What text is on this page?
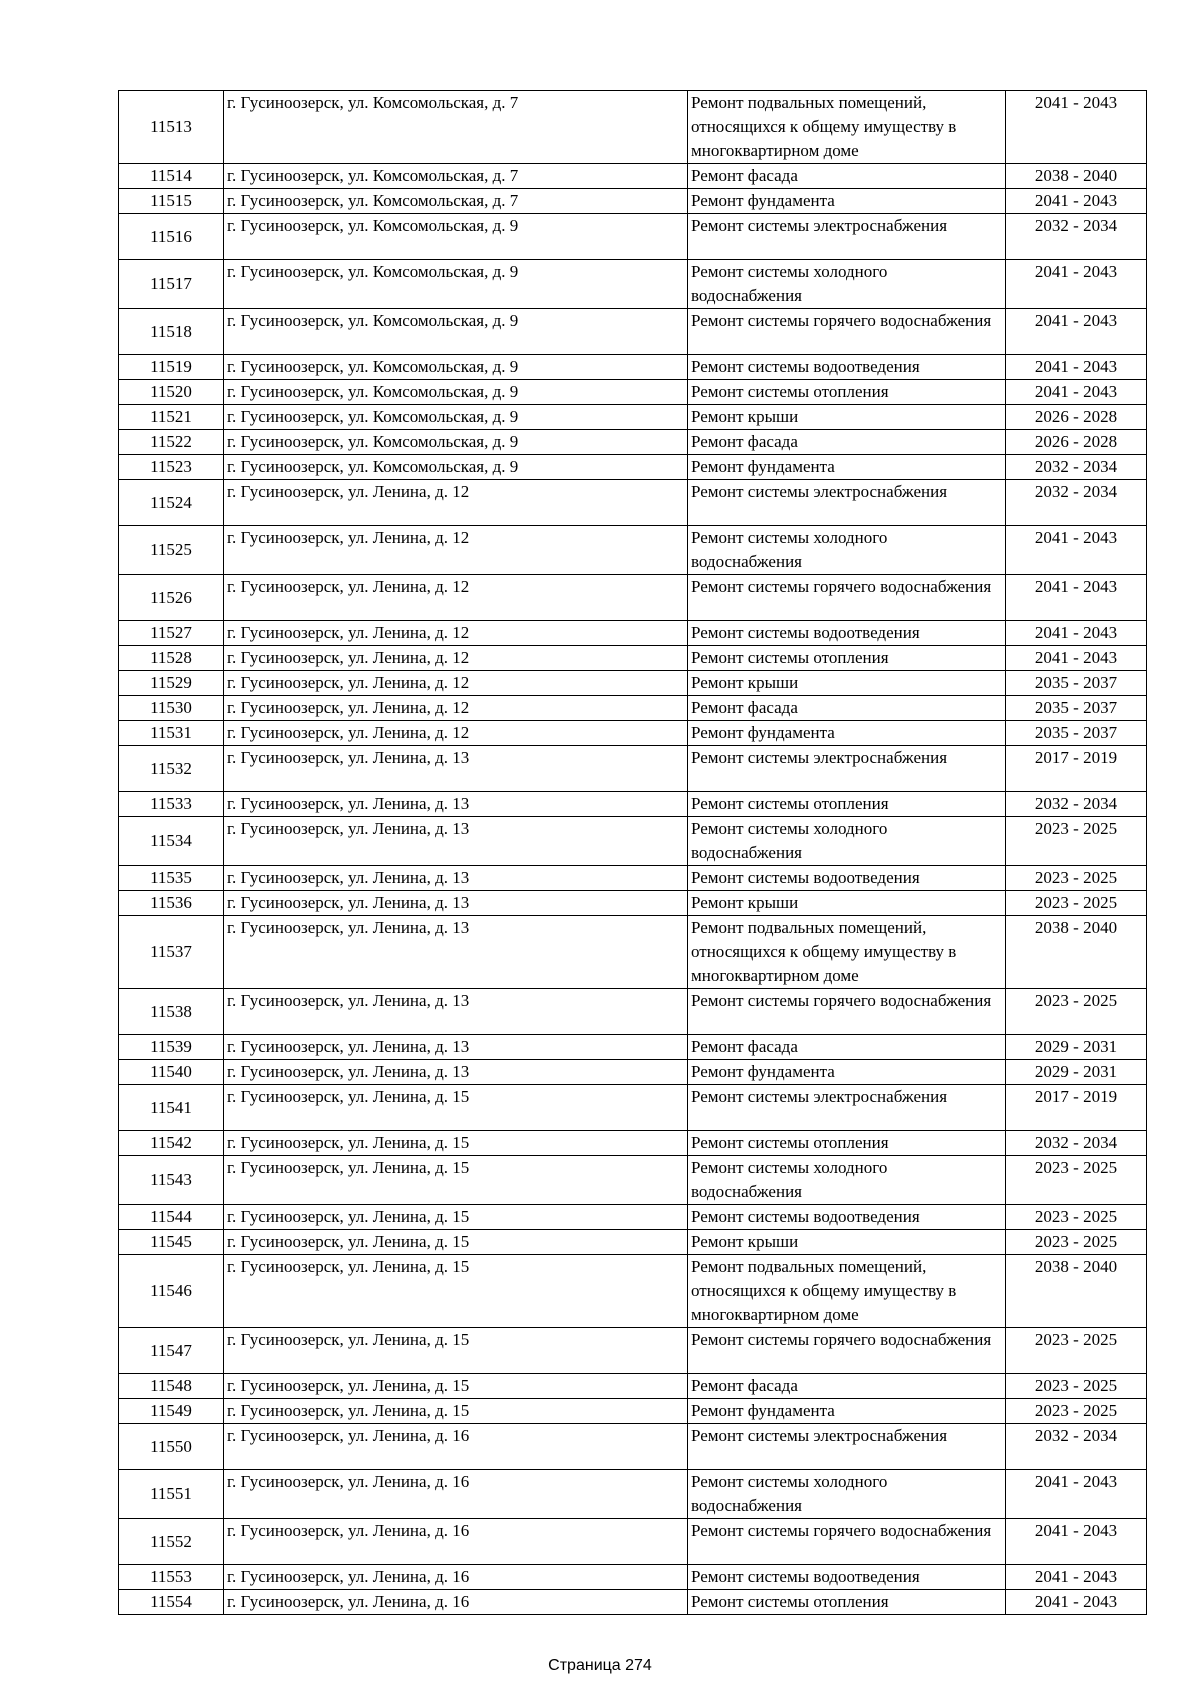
11513	г. Гусиноозерск, ул. Комсомольская, д. 7	Ремонт подвальных помещений, относящихся к общему имуществу в многоквартирном доме	2041 - 2043
11514	г. Гусиноозерск, ул. Комсомольская, д. 7	Ремонт фасада	2038 - 2040
11515	г. Гусиноозерск, ул. Комсомольская, д. 7	Ремонт фундамента	2041 - 2043
11516	г. Гусиноозерск, ул. Комсомольская, д. 9	Ремонт системы электроснабжения	2032 - 2034
11517	г. Гусиноозерск, ул. Комсомольская, д. 9	Ремонт системы холодного водоснабжения	2041 - 2043
11518	г. Гусиноозерск, ул. Комсомольская, д. 9	Ремонт системы горячего водоснабжения	2041 - 2043
11519	г. Гусиноозерск, ул. Комсомольская, д. 9	Ремонт системы водоотведения	2041 - 2043
11520	г. Гусиноозерск, ул. Комсомольская, д. 9	Ремонт системы отопления	2041 - 2043
11521	г. Гусиноозерск, ул. Комсомольская, д. 9	Ремонт крыши	2026 - 2028
11522	г. Гусиноозерск, ул. Комсомольская, д. 9	Ремонт фасада	2026 - 2028
11523	г. Гусиноозерск, ул. Комсомольская, д. 9	Ремонт фундамента	2032 - 2034
11524	г. Гусиноозерск, ул. Ленина, д. 12	Ремонт системы электроснабжения	2032 - 2034
11525	г. Гусиноозерск, ул. Ленина, д. 12	Ремонт системы холодного водоснабжения	2041 - 2043
11526	г. Гусиноозерск, ул. Ленина, д. 12	Ремонт системы горячего водоснабжения	2041 - 2043
11527	г. Гусиноозерск, ул. Ленина, д. 12	Ремонт системы водоотведения	2041 - 2043
11528	г. Гусиноозерск, ул. Ленина, д. 12	Ремонт системы отопления	2041 - 2043
11529	г. Гусиноозерск, ул. Ленина, д. 12	Ремонт крыши	2035 - 2037
11530	г. Гусиноозерск, ул. Ленина, д. 12	Ремонт фасада	2035 - 2037
11531	г. Гусиноозерск, ул. Ленина, д. 12	Ремонт фундамента	2035 - 2037
11532	г. Гусиноозерск, ул. Ленина, д. 13	Ремонт системы электроснабжения	2017 - 2019
11533	г. Гусиноозерск, ул. Ленина, д. 13	Ремонт системы отопления	2032 - 2034
11534	г. Гусиноозерск, ул. Ленина, д. 13	Ремонт системы холодного водоснабжения	2023 - 2025
11535	г. Гусиноозерск, ул. Ленина, д. 13	Ремонт системы водоотведения	2023 - 2025
11536	г. Гусиноозерск, ул. Ленина, д. 13	Ремонт крыши	2023 - 2025
11537	г. Гусиноозерск, ул. Ленина, д. 13	Ремонт подвальных помещений, относящихся к общему имуществу в многоквартирном доме	2038 - 2040
11538	г. Гусиноозерск, ул. Ленина, д. 13	Ремонт системы горячего водоснабжения	2023 - 2025
11539	г. Гусиноозерск, ул. Ленина, д. 13	Ремонт фасада	2029 - 2031
11540	г. Гусиноозерск, ул. Ленина, д. 13	Ремонт фундамента	2029 - 2031
11541	г. Гусиноозерск, ул. Ленина, д. 15	Ремонт системы электроснабжения	2017 - 2019
11542	г. Гусиноозерск, ул. Ленина, д. 15	Ремонт системы отопления	2032 - 2034
11543	г. Гусиноозерск, ул. Ленина, д. 15	Ремонт системы холодного водоснабжения	2023 - 2025
11544	г. Гусиноозерск, ул. Ленина, д. 15	Ремонт системы водоотведения	2023 - 2025
11545	г. Гусиноозерск, ул. Ленина, д. 15	Ремонт крыши	2023 - 2025
11546	г. Гусиноозерск, ул. Ленина, д. 15	Ремонт подвальных помещений, относящихся к общему имуществу в многоквартирном доме	2038 - 2040
11547	г. Гусиноозерск, ул. Ленина, д. 15	Ремонт системы горячего водоснабжения	2023 - 2025
11548	г. Гусиноозерск, ул. Ленина, д. 15	Ремонт фасада	2023 - 2025
11549	г. Гусиноозерск, ул. Ленина, д. 15	Ремонт фундамента	2023 - 2025
11550	г. Гусиноозерск, ул. Ленина, д. 16	Ремонт системы электроснабжения	2032 - 2034
11551	г. Гусиноозерск, ул. Ленина, д. 16	Ремонт системы холодного водоснабжения	2041 - 2043
11552	г. Гусиноозерск, ул. Ленина, д. 16	Ремонт системы горячего водоснабжения	2041 - 2043
11553	г. Гусиноозерск, ул. Ленина, д. 16	Ремонт системы водоотведения	2041 - 2043
11554	г. Гусиноозерск, ул. Ленина, д. 16	Ремонт системы отопления	2041 - 2043
Страница 274
